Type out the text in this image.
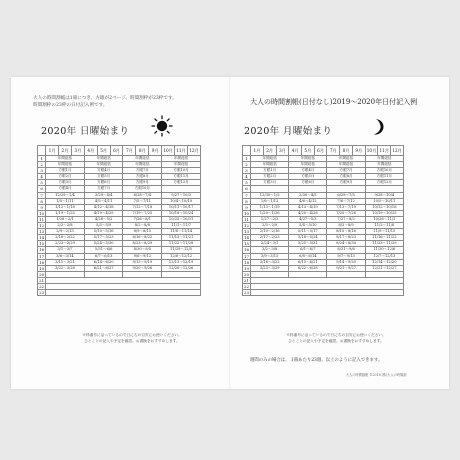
大人の時間割帳は1冊につき、方眼が2ページ、時間割枠が23枠です。
時間割枠の23枠の日付記入例です。
2020年 日曜始まり
	1月	2月	3月	4月	5月	6月	7月	8月	9月	10月	11月	12月
1	年間総括			年間総括			年間総括			年間総括		
2	年間総括			年間総括			年間総括			年間総括		
3	方眼1月			方眼4月			方眼7月			方眼10月		
4	方眼2月			方眼5月			方眼8月			方眼11月		
5	方眼3月			方眼6月			方眼9月			方眼12月		
6	方眼4月			方眼7月			方眼10月					
7	12/29〜1/4			3/29〜4/4			6/28〜7/4			9/27〜10/3		
8	1/5〜1/11			4/5〜4/11			7/5〜7/11			10/4〜10/10		
9	1/12〜1/18			4/12〜4/18			7/12〜7/18			10/11〜10/17		
10	1/19〜1/25			4/19〜4/25			7/19〜7/25			10/18〜10/24		
11	1/26〜2/1			4/26〜5/2			7/26〜8/1			10/25〜10/31		
12	2/2〜2/8			5/3〜5/9			8/2〜8/8			11/1〜11/7		
13	2/9〜2/15			5/10〜5/16			8/9〜8/15			11/8〜11/14		
14	2/16〜2/22			5/17〜5/23			8/16〜8/22			11/15〜11/21		
15	2/23〜2/29			5/24〜5/30			8/23〜8/29			11/22〜11/28		
16	3/1〜3/7			5/31〜6/6			8/30〜9/5			11/29〜12/5		
17	3/8〜3/14			6/7〜6/13			9/6〜9/12			12/6〜12/12		
18	3/15〜3/21			6/14〜6/20			9/13〜9/19			12/13〜12/19		
19	3/22〜3/28			6/21〜6/27			9/20〜9/26			12/20〜12/26		
20												
21												
22												
23												
※枠番号に沿っているので日にちの目安にお使いください。
ひとことの記入や予定を確認。お書換をおすすめします。
大人の時間割帳(日付なし)2019〜2020年日付記入例
2020年 月曜始まり
	1月	2月	3月	4月	5月	6月	7月	8月	9月	10月	11月	12月
1	年間総括			年間総括			年間総括			年間総括		
2	年間総括			年間総括			年間総括			年間総括		
3	方眼1月			方眼4月			方眼7月			方眼10月		
4	方眼2月			方眼5月			方眼8月			方眼11月		
5	方眼3月			方眼6月			方眼9月			方眼12月		
6												
7	12/30〜1/5			3/30〜4/5			6/29〜7/5			9/28〜10/4		
8	1/6〜1/12			4/6〜4/12			7/6〜7/12			10/5〜10/11		
9	1/13〜1/19			4/13〜4/19			7/13〜7/19			10/12〜10/18		
10	1/20〜1/26			4/20〜4/26			7/20〜7/26			10/19〜10/25		
11	1/27〜2/2			4/27〜5/3			7/27〜8/2			10/26〜11/1		
12	2/3〜2/9			5/4〜5/10			8/3〜8/9			11/2〜11/8		
13	2/10〜2/16			5/11〜5/17			8/10〜8/16			11/9〜11/15		
14	2/17〜2/23			5/18〜5/24			8/17〜8/23			11/16〜11/22		
15	2/24〜3/1			5/25〜5/31			8/24〜8/30			11/23〜11/29		
16	3/2〜3/8			6/1〜6/7			8/31〜9/6			11/30〜12/6		
17	3/9〜3/15			6/8〜6/14			9/7〜9/13			12/7〜12/13		
18	3/16〜3/22			6/15〜6/21			9/14〜9/20			12/14〜12/20		
19	3/23〜3/29			6/22〜6/28			9/21〜9/27			12/21〜12/27		
20												
21												
22												
23												
※枠番号に沿っているので日にちの目安にお使いください。
ひとことの記入や予定を確認。お書換をおすすめします。
週間のみの場合は、 1冊あたり23週。以上のように記入できます。
大人の時間割帳 ©2018 (株)大人の時間割
